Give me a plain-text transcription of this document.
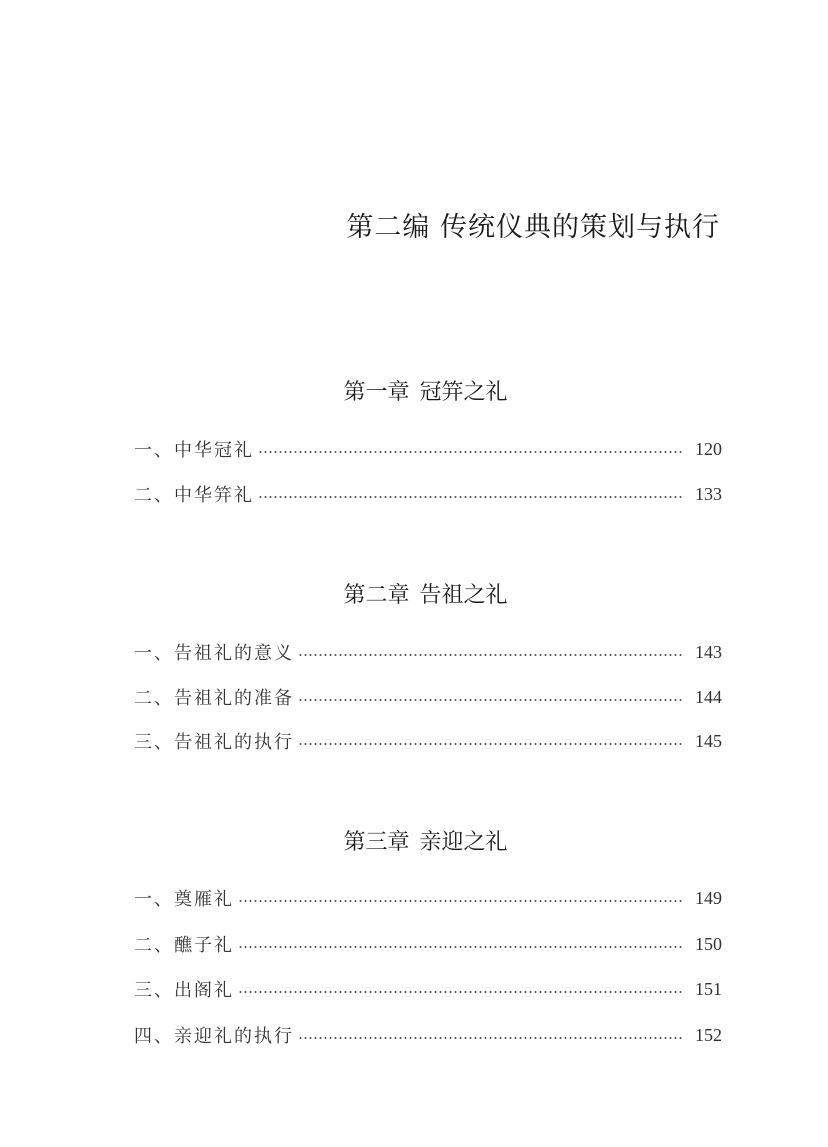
第二编 传统仪典的策划与执行
第一章 冠笄之礼
一、中华冠礼	120
二、中华笄礼	133
第二章 告祖之礼
一、告祖礼的意义	143
二、告祖礼的准备	144
三、告祖礼的执行	145
第三章 亲迎之礼
一、奠雁礼	149
二、醮子礼	150
三、出阁礼	151
四、亲迎礼的执行	152
